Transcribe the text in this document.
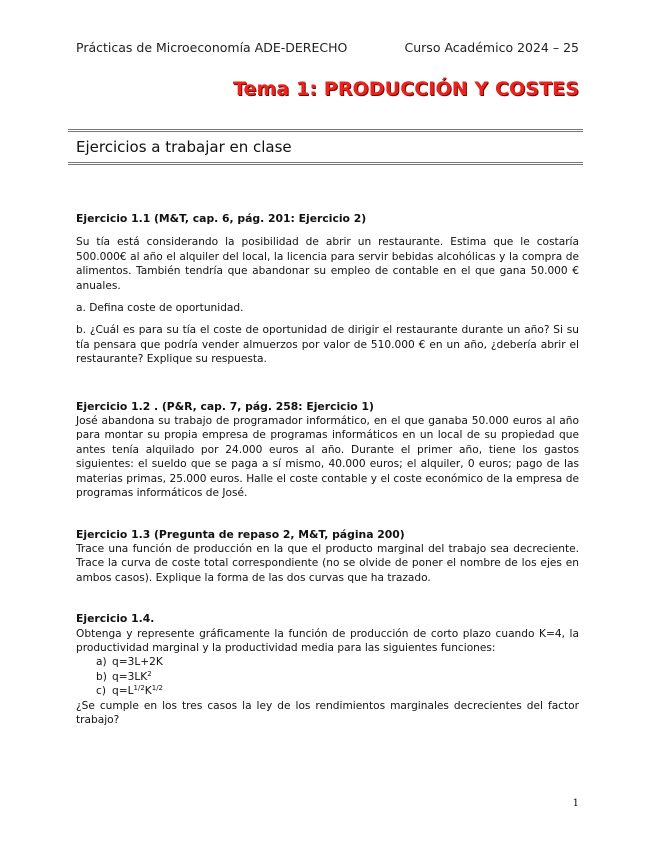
Prácticas de Microeconomía ADE-DERECHO	Curso Académico 2024 – 25
Tema 1: PRODUCCIÓN Y COSTES
Ejercicios a trabajar en clase
Ejercicio 1.1 (M&T, cap. 6, pág. 201: Ejercicio 2)

Su tía está considerando la posibilidad de abrir un restaurante. Estima que le costaría 500.000€ al año el alquiler del local, la licencia para servir bebidas alcohólicas y la compra de alimentos. También tendría que abandonar su empleo de contable en el que gana 50.000 € anuales.

a. Defina coste de oportunidad.

b. ¿Cuál es para su tía el coste de oportunidad de dirigir el restaurante durante un año? Si su tía pensara que podría vender almuerzos por valor de 510.000 € en un año, ¿debería abrir el restaurante? Explique su respuesta.

Ejercicio 1.2 . (P&R, cap. 7, pág. 258: Ejercicio 1)

José abandona su trabajo de programador informático, en el que ganaba 50.000 euros al año para montar su propia empresa de programas informáticos en un local de su propiedad que antes tenía alquilado por 24.000 euros al año. Durante el primer año, tiene los gastos siguientes: el sueldo que se paga a sí mismo, 40.000 euros; el alquiler, 0 euros; pago de las materias primas, 25.000 euros. Halle el coste contable y el coste económico de la empresa de programas informáticos de José.

Ejercicio 1.3 (Pregunta de repaso 2, M&T, página 200)

Trace una función de producción en la que el producto marginal del trabajo sea decreciente. Trace la curva de coste total correspondiente (no se olvide de poner el nombre de los ejes en ambos casos). Explique la forma de las dos curvas que ha trazado.

Ejercicio 1.4.

Obtenga y represente gráficamente la función de producción de corto plazo cuando K=4, la productividad marginal y la productividad media para las siguientes funciones:

a) q=3L+2K
b) $q=3LK^2$
c) $q=L^{1/2}K^{1/2}$

¿Se cumple en los tres casos la ley de los rendimientos marginales decrecientes del factor trabajo?

1
